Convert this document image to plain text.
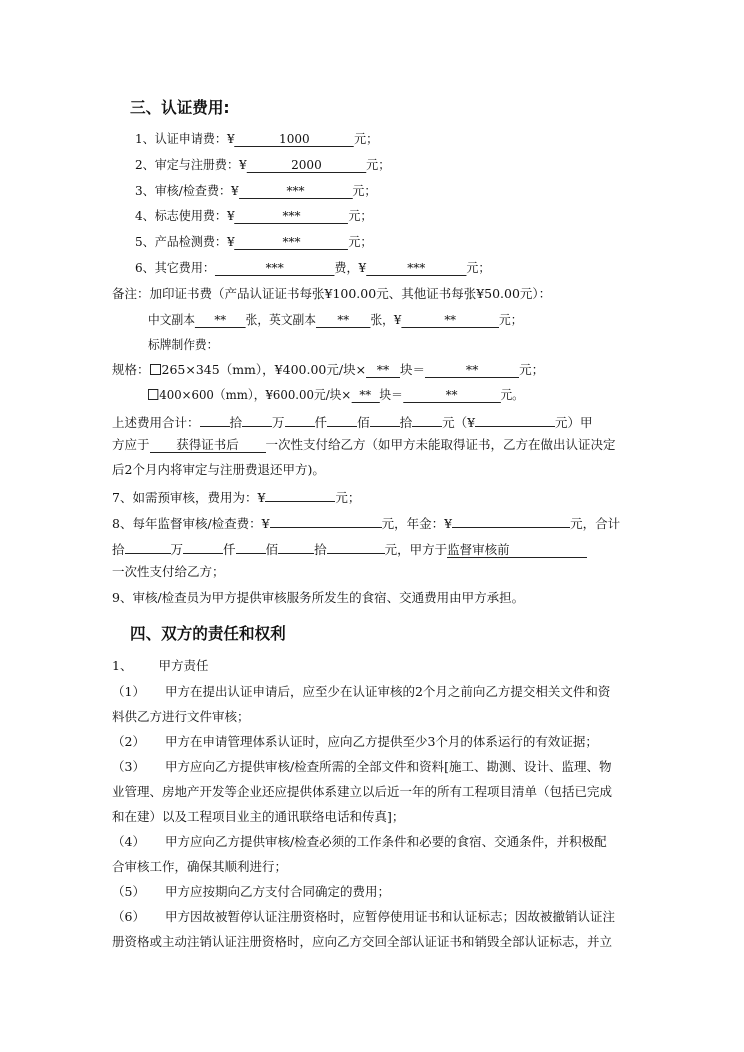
三、认证费用:
1、认证申请费：¥	1000	元；
2、审定与注册费：¥	2000	元；
3、审核/检查费：¥	***	元；
4、标志使用费：¥	***	元；
5、产品检测费：¥	***	元；
6、其它费用：	***	费，¥	***	元；
备注：加印证书费（产品认证证书每张¥100.00元、其他证书每张¥50.00元）：
中文副本 ** 张，英文副本 ** 张，¥	**	元；
标牌制作费：
规格： 265×345（mm），¥400.00元/块× ** 块＝	**	元；
400×600（mm），¥600.00元/块× ** 块＝	**	元。
上述费用合计： 拾 万 仟 佰 拾 元（¥	元）甲
方应于 获得证书后 一次性支付给乙方（如甲方未能取得证书，乙方在做出认证决定
后2个月内将审定与注册费退还甲方)。
7、如需预审核，费用为：¥	元；
8、每年监督审核/检查费：¥	元，年金：¥	元，合计
拾	万	仟 佰	拾	元，甲方于监督审核前
一次性支付给乙方；
9、审核/检查员为甲方提供审核服务所发生的食宿、交通费用由甲方承担。
四、双方的责任和权利
1、 甲方责任
（1） 甲方在提出认证申请后，应至少在认证审核的2个月之前向乙方提交相关文件和资
料供乙方进行文件审核；
（2） 甲方在申请管理体系认证时，应向乙方提供至少3个月的体系运行的有效证据；
（3） 甲方应向乙方提供审核/检查所需的全部文件和资料[施工、勘测、设计、监理、物
业管理、房地产开发等企业还应提供体系建立以后近一年的所有工程项目清单（包括已完成
和在建）以及工程项目业主的通讯联络电话和传真]；
（4） 甲方应向乙方提供审核/检查必须的工作条件和必要的食宿、交通条件，并积极配
合审核工作，确保其顺利进行；
（5） 甲方应按期向乙方支付合同确定的费用；
（6） 甲方因故被暂停认证注册资格时，应暂停使用证书和认证标志；因故被撤销认证注
册资格或主动注销认证注册资格时，应向乙方交回全部认证证书和销毁全部认证标志，并立
